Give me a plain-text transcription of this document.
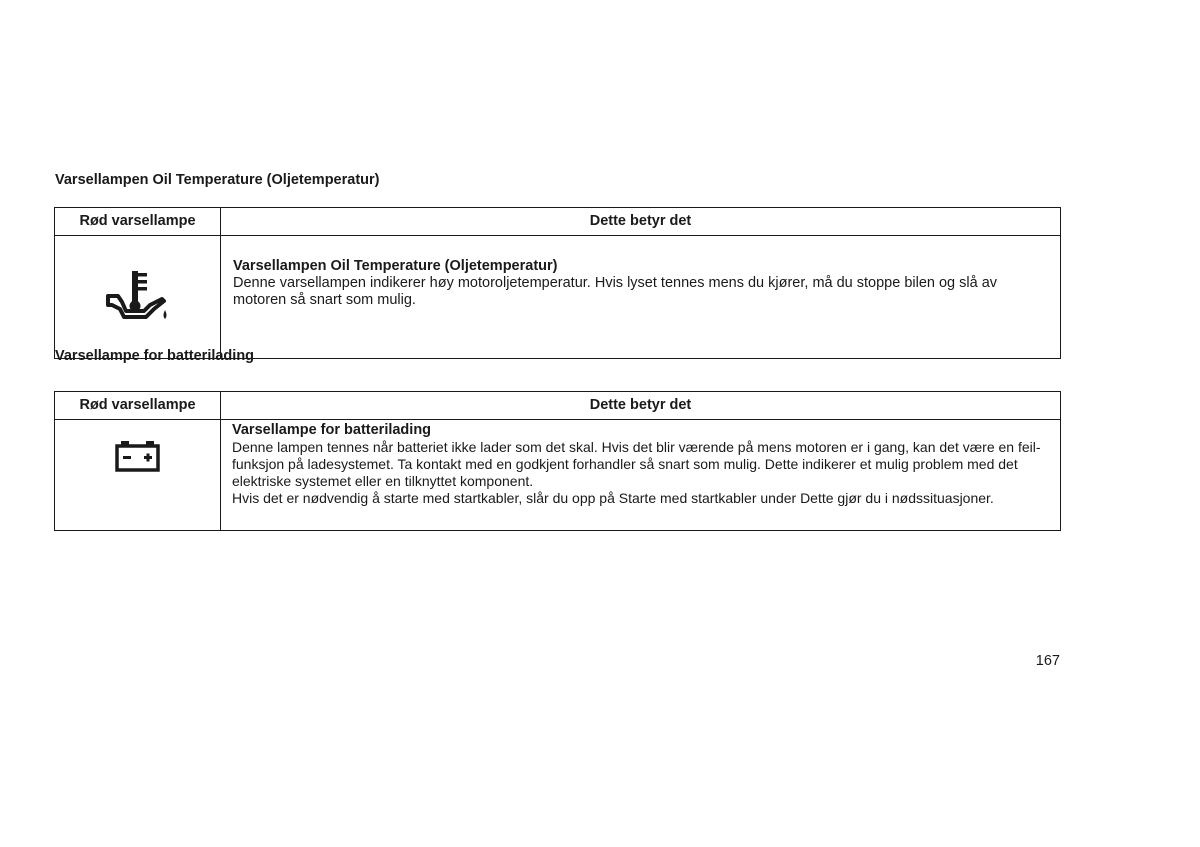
Varsellampen Oil Temperature (Oljetemperatur)
Rød varsellampe	Dette betyr det

Varsellampen Oil Temperature (Oljetemperatur)
Denne varsellampen indikerer høy motoroljetemperatur. Hvis lyset tennes mens du kjører, må du stoppe bilen og slå av
motoren så snart som mulig.
Varsellampe for batterilading
Rød varsellampe	Dette betyr det

Varsellampe for batterilading
Denne lampen tennes når batteriet ikke lader som det skal. Hvis det blir værende på mens motoren er i gang, kan det være en feil-
funksjon på ladesystemet. Ta kontakt med en godkjent forhandler så snart som mulig. Dette indikerer et mulig problem med det
elektriske systemet eller en tilknyttet komponent.
Hvis det er nødvendig å starte med startkabler, slår du opp på Starte med startkabler under Dette gjør du i nødssituasjoner.
167
